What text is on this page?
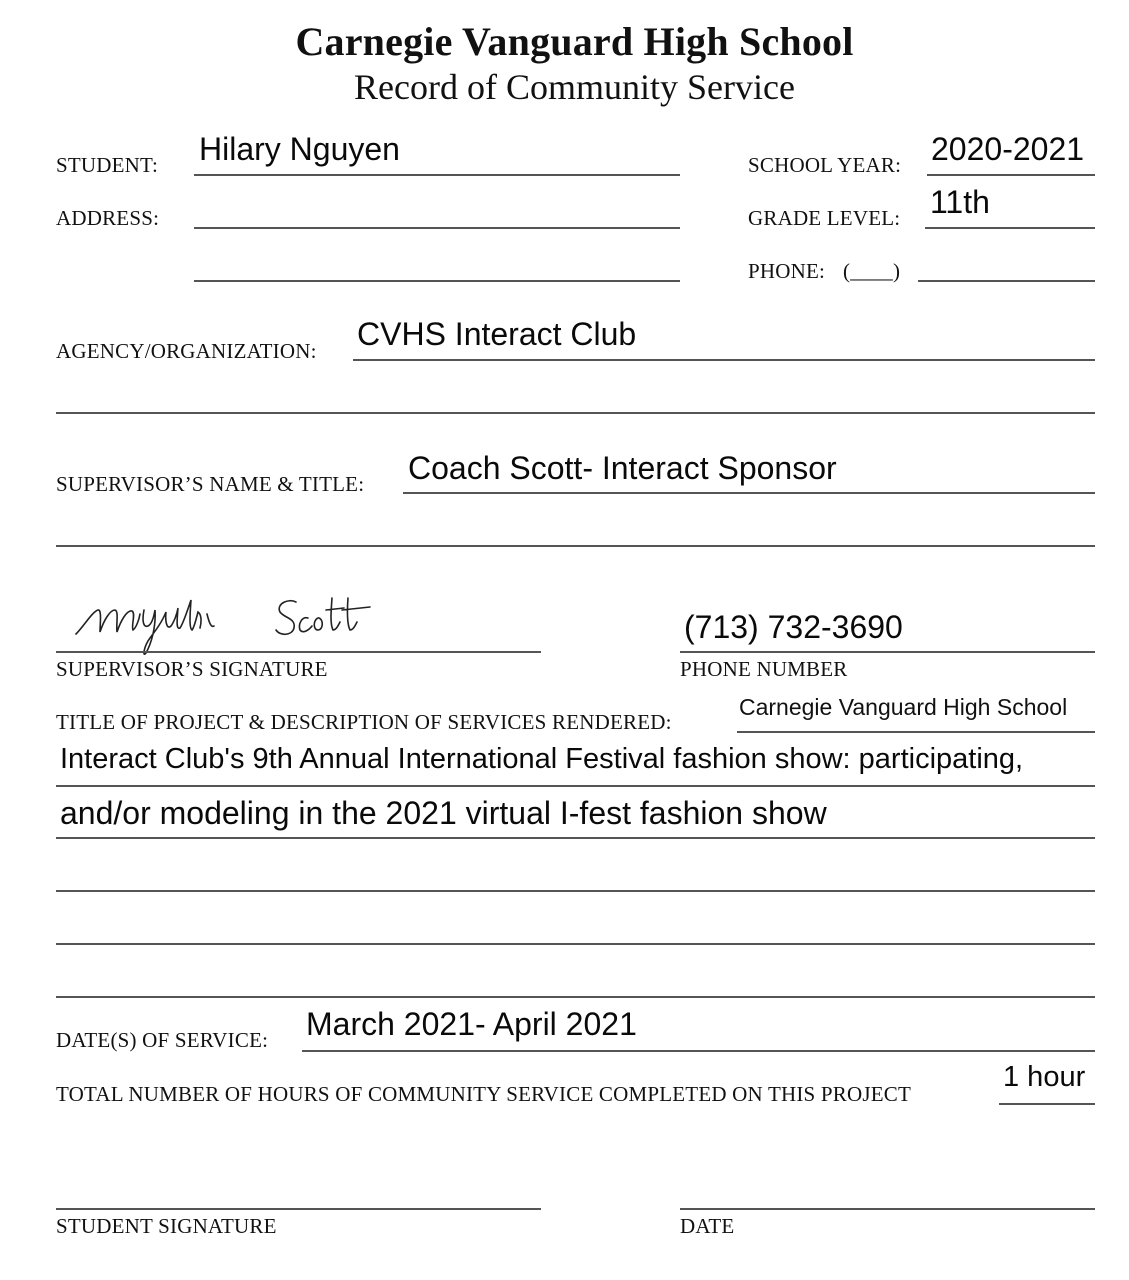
Carnegie Vanguard High School
Record of Community Service
STUDENT: Hilary Nguyen	SCHOOL YEAR: 2020-2021
ADDRESS:	GRADE LEVEL: 11th
PHONE: (____)
AGENCY/ORGANIZATION: CVHS Interact Club
SUPERVISOR’S NAME & TITLE: Coach Scott- Interact Sponsor
SUPERVISOR’S SIGNATURE
(713) 732-3690
PHONE NUMBER
TITLE OF PROJECT & DESCRIPTION OF SERVICES RENDERED:
Carnegie Vanguard High School
Interact Club's 9th Annual International Festival fashion show: participating,
and/or modeling in the 2021 virtual I-fest fashion show
DATE(S) OF SERVICE: March 2021- April 2021
TOTAL NUMBER OF HOURS OF COMMUNITY SERVICE COMPLETED ON THIS PROJECT
1 hour
STUDENT SIGNATURE	DATE
